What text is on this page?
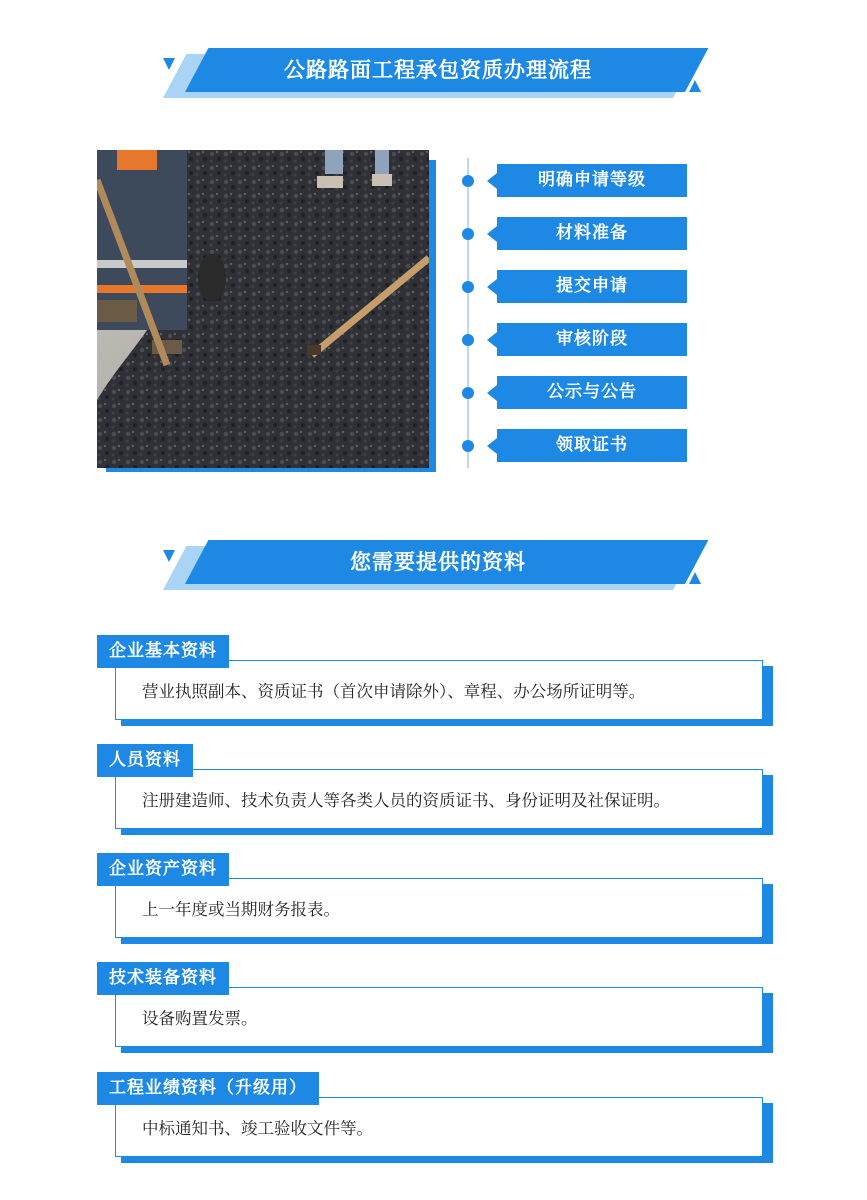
公路路面工程承包资质办理流程
明确申请等级
材料准备
提交申请
审核阶段
公示与公告
领取证书
您需要提供的资料
企业基本资料
营业执照副本、资质证书（首次申请除外）、章程、办公场所证明等。
人员资料
注册建造师、技术负责人等各类人员的资质证书、身份证明及社保证明。
企业资产资料
上一年度或当期财务报表。
技术装备资料
设备购置发票。
工程业绩资料（升级用）
中标通知书、竣工验收文件等。
